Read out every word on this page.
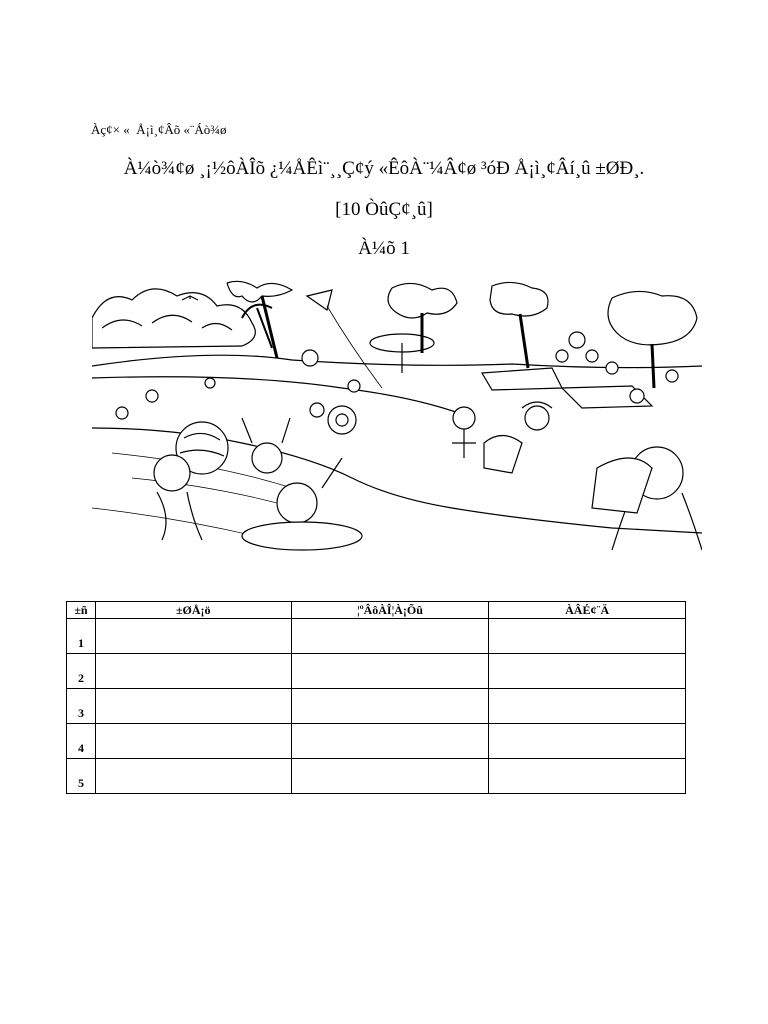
Àç¢× «  Å¡ì¸¢Âõ «¨Áò¾ø
À¼ò¾¢ø ¸¡½ôÀÎõ ¿¼ÅÊì¨¸¸Ç¢ý «ÊôÀ¨¼Â¢ø ³óÐ Å¡ì¸¢Âí¸û ±ØÐ¸.
[10 ÒûÇ¢¸û]
À¼õ 1
±ñ	±ØÅ¡ö	¦ºÂôÀÎ¦À¡Õû	ÀÂÉ¢¨Ä
1			
2			
3			
4			
5			
